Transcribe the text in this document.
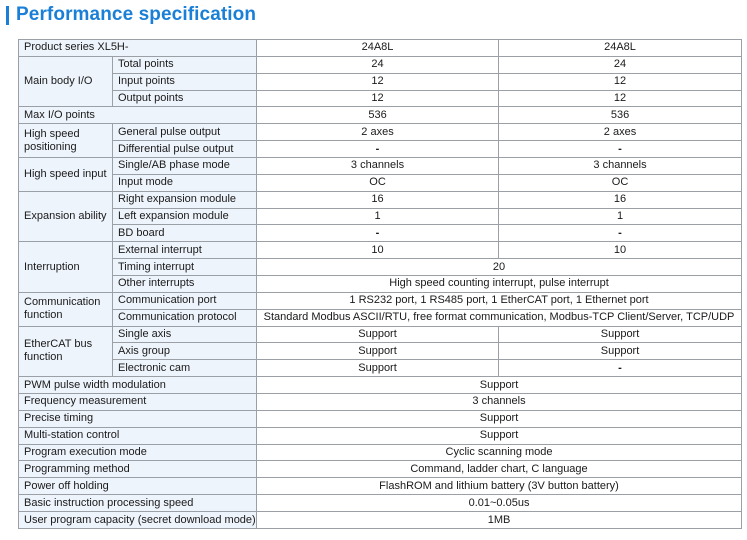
Performance specification
Product series XL5H-		24A8L	24A8L
Main body I/O	Total points	24	24
	Input points	12	12
	Output points	12	12
Max I/O points		536	536
High speed positioning	General pulse output	2 axes	2 axes
	Differential pulse output	-	-
High speed input	Single/AB phase mode	3 channels	3 channels
	Input mode	OC	OC
Expansion ability	Right expansion module	16	16
	Left expansion module	1	1
	BD board	-	-
Interruption	External interrupt	10	10
	Timing interrupt	20	
	Other interrupts	High speed counting interrupt, pulse interrupt	
Communication function	Communication port	1 RS232 port, 1 RS485 port, 1 EtherCAT port, 1 Ethernet port	
	Communication protocol	Standard Modbus ASCII/RTU, free format communication, Modbus-TCP Client/Server, TCP/UDP	
EtherCAT bus function	Single axis	Support	Support
	Axis group	Support	Support
	Electronic cam	Support	-
PWM pulse width modulation		Support	
Frequency measurement		3 channels	
Precise timing		Support	
Multi-station control		Support	
Program execution mode		Cyclic scanning mode	
Programming method		Command, ladder chart, C language	
Power off holding		FlashROM and lithium battery (3V button battery)	
Basic instruction processing speed		0.01~0.05us	
User program capacity (secret download mode)		1MB	
